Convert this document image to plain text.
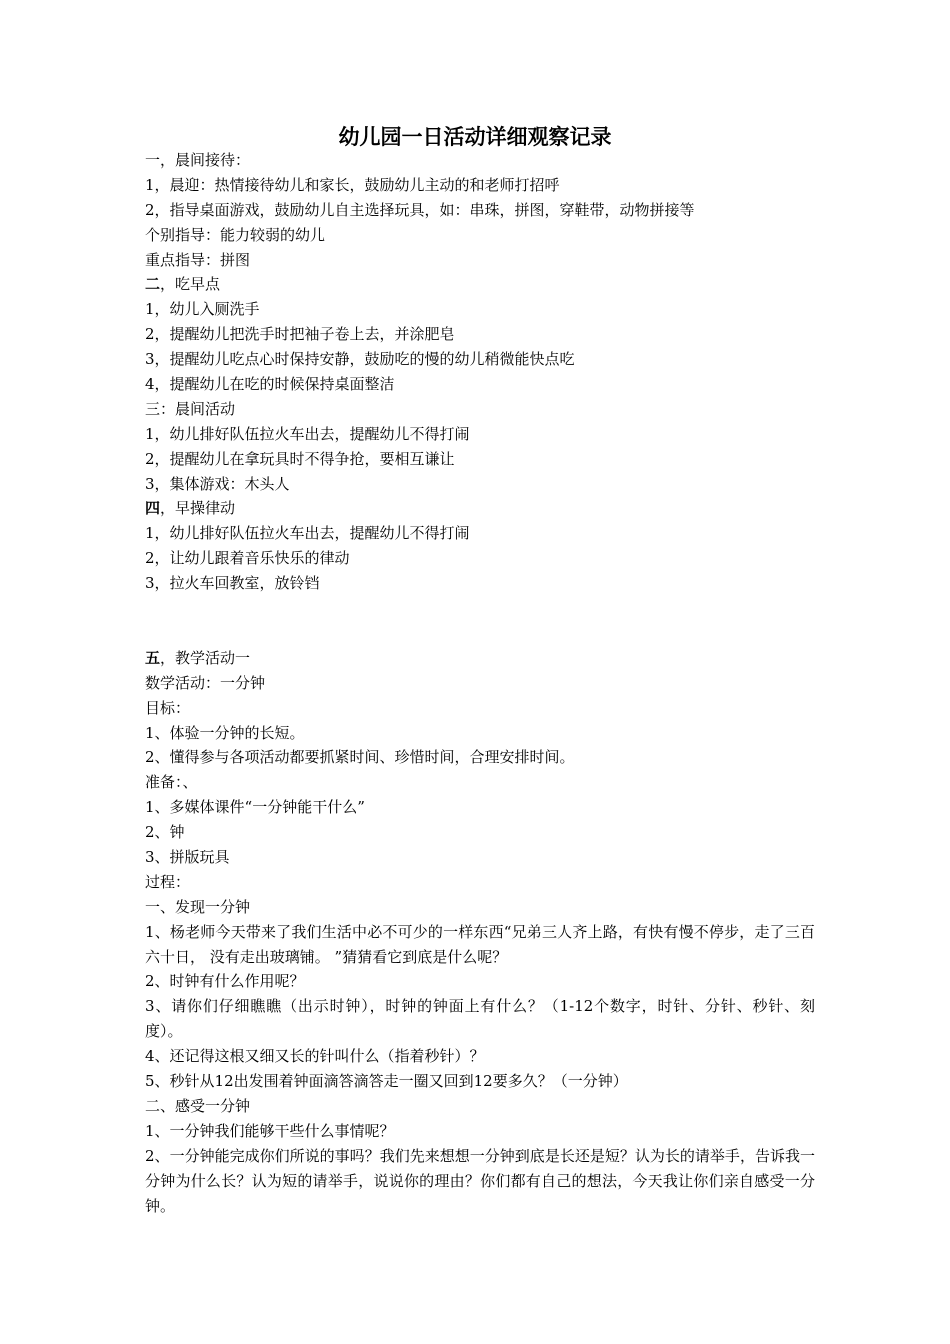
幼儿园一日活动详细观察记录
一，晨间接待：
1，晨迎：热情接待幼儿和家长，鼓励幼儿主动的和老师打招呼
2，指导桌面游戏，鼓励幼儿自主选择玩具，如：串珠，拼图，穿鞋带，动物拼接等
个别指导：能力较弱的幼儿
重点指导：拼图
二，吃早点
1，幼儿入厕洗手
2，提醒幼儿把洗手时把袖子卷上去，并涂肥皂
3，提醒幼儿吃点心时保持安静，鼓励吃的慢的幼儿稍微能快点吃
4，提醒幼儿在吃的时候保持桌面整洁
三：晨间活动
1，幼儿排好队伍拉火车出去，提醒幼儿不得打闹
2，提醒幼儿在拿玩具时不得争抢，要相互谦让
3，集体游戏：木头人
四，早操律动
1，幼儿排好队伍拉火车出去，提醒幼儿不得打闹
2，让幼儿跟着音乐快乐的律动
3，拉火车回教室，放铃铛
五，教学活动一
数学活动：一分钟
目标：
1、体验一分钟的长短。
2、懂得参与各项活动都要抓紧时间、珍惜时间，合理安排时间。
准备：、
1、多媒体课件“一分钟能干什么”
2、钟
3、拼版玩具
过程：
一、发现一分钟
1、杨老师今天带来了我们生活中必不可少的一样东西“兄弟三人齐上路，有快有慢不停步，走了三百六十日， 没有走出玻璃铺。 ”猜猜看它到底是什么呢？
2、时钟有什么作用呢？
3、请你们仔细瞧瞧（出示时钟），时钟的钟面上有什么？（1-12个数字，时针、分针、秒针、刻度）。
4、还记得这根又细又长的针叫什么（指着秒针）？
5、秒针从12出发围着钟面滴答滴答走一圈又回到12要多久？（一分钟）
二、感受一分钟
1、一分钟我们能够干些什么事情呢？
2、一分钟能完成你们所说的事吗？我们先来想想一分钟到底是长还是短？认为长的请举手，告诉我一分钟为什么长？认为短的请举手，说说你的理由？你们都有自己的想法，今天我让你们亲自感受一分钟。
